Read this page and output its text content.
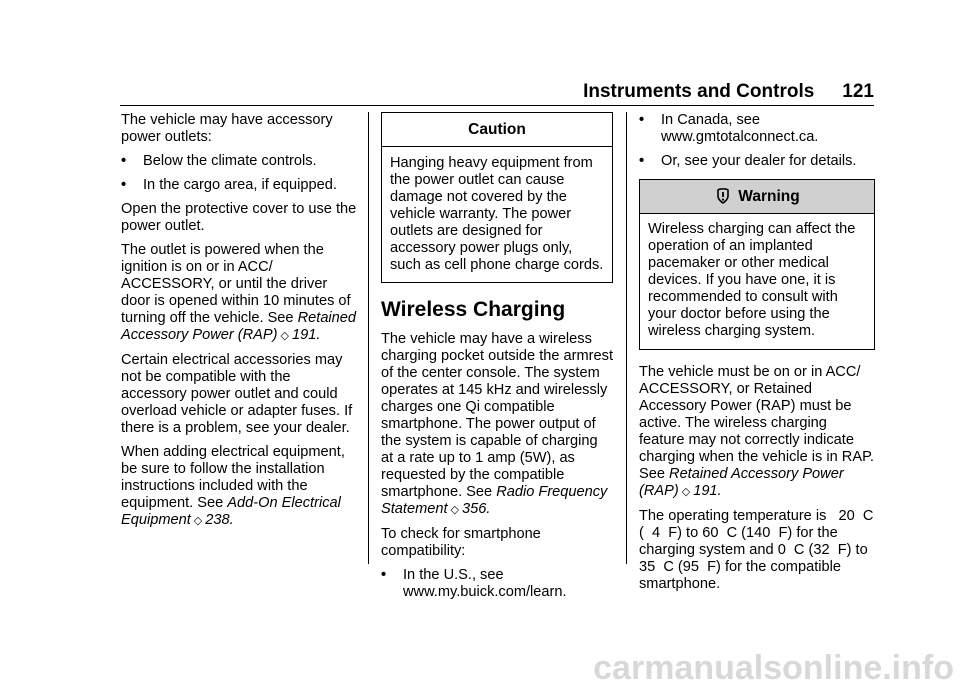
Instruments and Controls 121

The vehicle may have accessory power outlets:

•	Below the climate controls.
•	In the cargo area, if equipped.

Open the protective cover to use the power outlet.

The outlet is powered when the ignition is on or in ACC/ ACCESSORY, or until the driver door is opened within 10 minutes of turning off the vehicle. See Retained Accessory Power (RAP) ◇ 191.

Certain electrical accessories may not be compatible with the accessory power outlet and could overload vehicle or adapter fuses. If there is a problem, see your dealer.

When adding electrical equipment, be sure to follow the installation instructions included with the equipment. See Add-On Electrical Equipment ◇ 238.

Caution
Hanging heavy equipment from the power outlet can cause damage not covered by the vehicle warranty. The power outlets are designed for accessory power plugs only, such as cell phone charge cords.
Wireless Charging

The vehicle may have a wireless charging pocket outside the armrest of the center console. The system operates at 145 kHz and wirelessly charges one Qi compatible smartphone. The power output of the system is capable of charging at a rate up to 1 amp (5W), as requested by the compatible smartphone. See Radio Frequency Statement ◇ 356.

To check for smartphone compatibility:

•	In the U.S., see www.my.buick.com/learn.
•	In Canada, see www.gmtotalconnect.ca.
•	Or, see your dealer for details.
Warning
Wireless charging can affect the operation of an implanted pacemaker or other medical devices. If you have one, it is recommended to consult with your doctor before using the wireless charging system.

The vehicle must be on or in ACC/ ACCESSORY, or Retained Accessory Power (RAP) must be active. The wireless charging feature may not correctly indicate charging when the vehicle is in RAP. See Retained Accessory Power (RAP) ◇ 191.

The operating temperature is   20  C (  4  F) to 60  C (140  F) for the charging system and 0  C (32  F) to 35  C (95  F) for the compatible smartphone.

carmanualsonline.info
